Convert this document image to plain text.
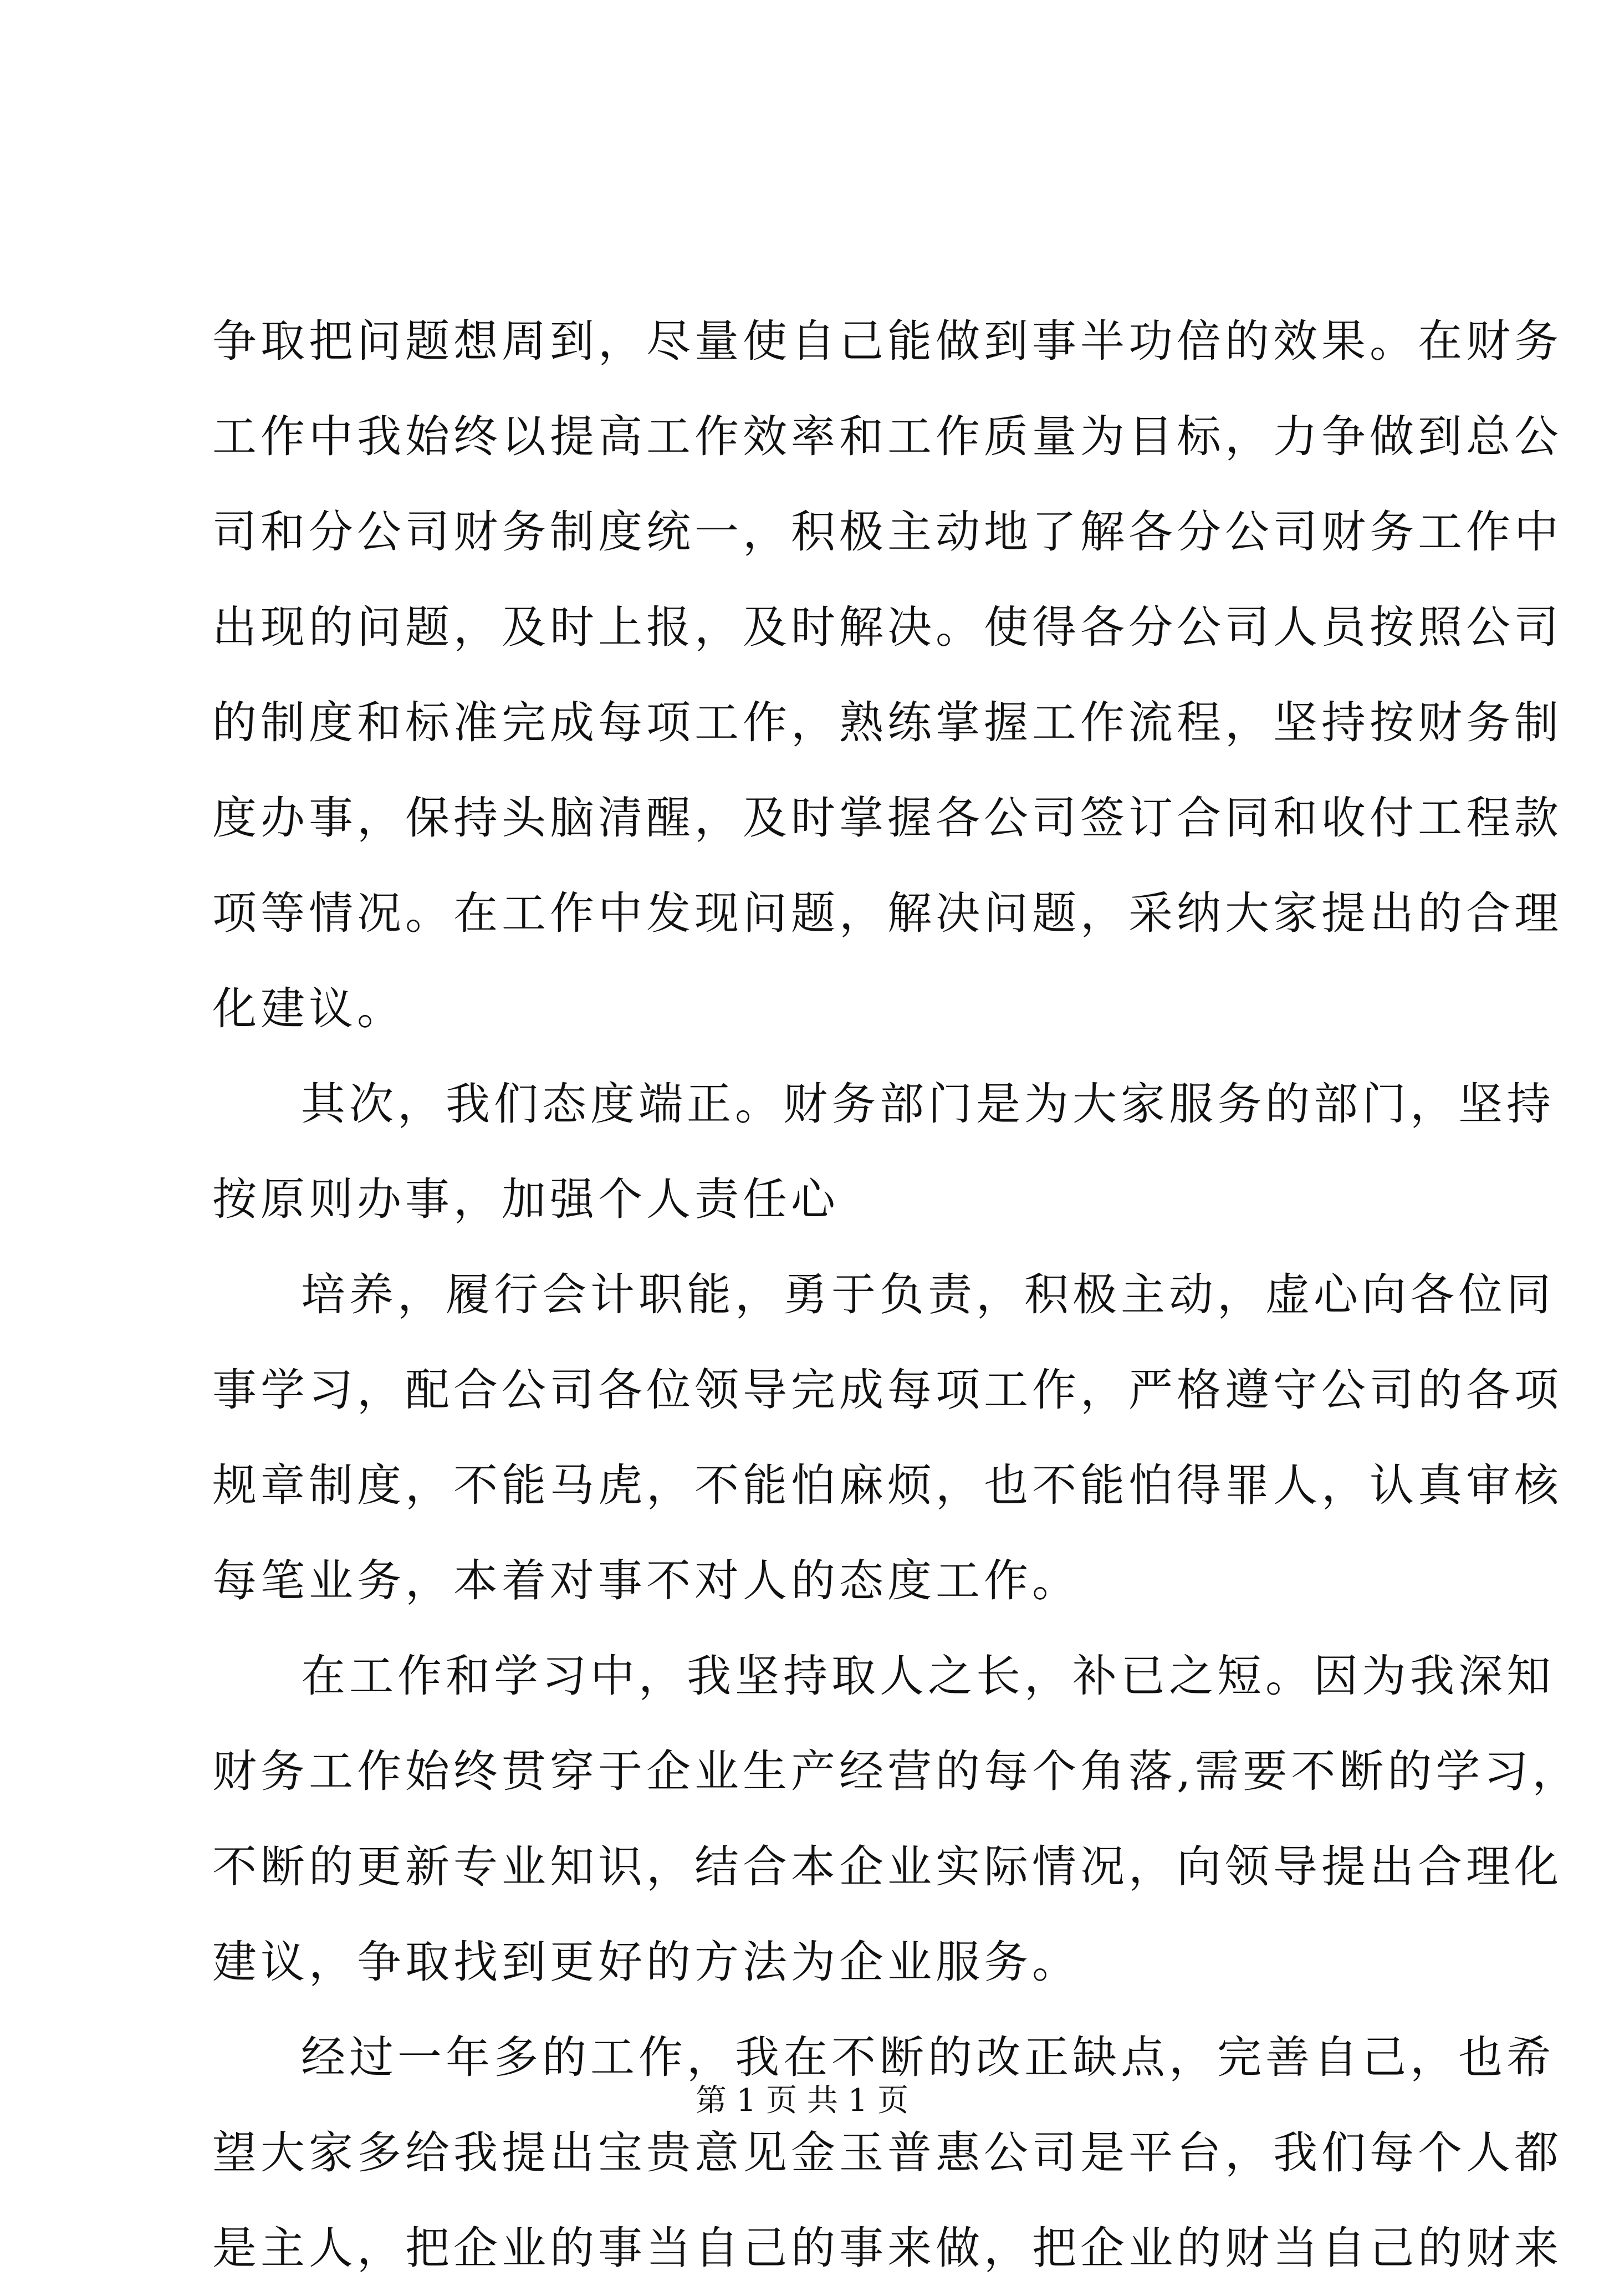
争取把问题想周到，尽量使自己能做到事半功倍的效果。在财务

工作中我始终以提高工作效率和工作质量为目标，力争做到总公

司和分公司财务制度统一，积极主动地了解各分公司财务工作中

出现的问题，及时上报，及时解决。使得各分公司人员按照公司

的制度和标准完成每项工作，熟练掌握工作流程，坚持按财务制

度办事，保持头脑清醒，及时掌握各公司签订合同和收付工程款

项等情况。在工作中发现问题，解决问题，采纳大家提出的合理

化建议。

其次，我们态度端正。财务部门是为大家服务的部门，坚持

按原则办事，加强个人责任心

培养，履行会计职能，勇于负责，积极主动，虚心向各位同

事学习，配合公司各位领导完成每项工作，严格遵守公司的各项

规章制度，不能马虎，不能怕麻烦，也不能怕得罪人，认真审核

每笔业务，本着对事不对人的态度工作。

在工作和学习中，我坚持取人之长，补已之短。因为我深知

财务工作始终贯穿于企业生产经营的每个角落,需要不断的学习，

不断的更新专业知识，结合本企业实际情况，向领导提出合理化

建议，争取找到更好的方法为企业服务。

经过一年多的工作，我在不断的改正缺点，完善自己，也希

望大家多给我提出宝贵意见金玉普惠公司是平台，我们每个人都

是主人，把企业的事当自己的事来做，把企业的财当自己的财来

第 1 页 共 1 页
